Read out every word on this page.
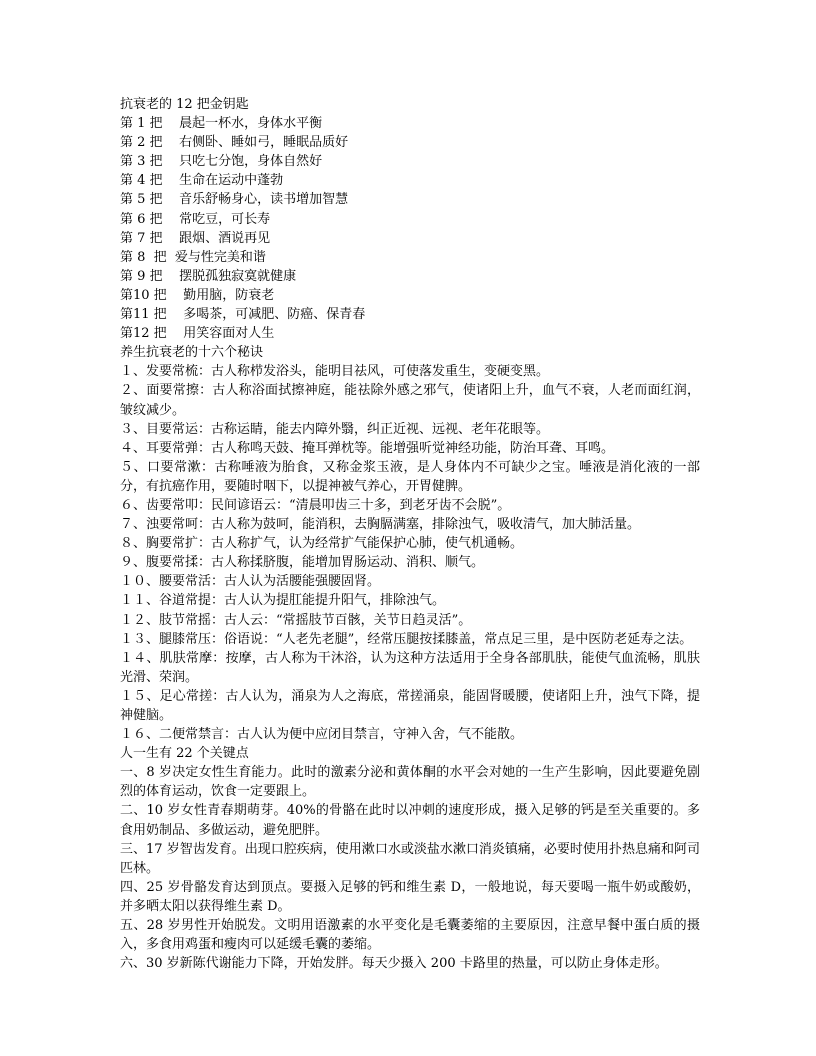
抗衰老的 12 把金钥匙
第 1 把    晨起一杯水，身体水平衡
第 2 把    右侧卧、睡如弓，睡眠品质好
第 3 把    只吃七分饱，身体自然好
第 4 把    生命在运动中蓬勃
第 5 把    音乐舒畅身心，读书增加智慧
第 6 把    常吃豆，可长寿
第 7 把    跟烟、酒说再见
第 8  把  爱与性完美和谐
第 9 把    摆脱孤独寂寞就健康
第10 把    勤用脑，防衰老
第11 把    多喝茶，可减肥、防癌、保青春
第12 把    用笑容面对人生
养生抗衰老的十六个秘诀
１、发要常梳：古人称栉发浴头，能明目祛风，可使落发重生，变硬变黑。
２、面要常擦：古人称浴面拭擦神庭，能祛除外感之邪气，使诸阳上升，血气不衰，人老而面红润，皱纹减少。
３、目要常运：古称运睛，能去内障外翳，纠正近视、远视、老年花眼等。
４、耳要常弹：古人称鸣天鼓、掩耳弹枕等。能增强听觉神经功能，防治耳聋、耳鸣。
５、口要常漱：古称唾液为胎食，又称金浆玉液，是人身体内不可缺少之宝。唾液是消化液的一部分，有抗癌作用，要随时咽下，以提神被气养心，开胃健脾。
６、齿要常叩：民间谚语云：“清晨叩齿三十多，到老牙齿不会脱”。
７、浊要常呵：古人称为鼓呵，能消积，去胸膈满塞，排除浊气，吸收清气，加大肺活量。
８、胸要常扩：古人称扩气，认为经常扩气能保护心肺，使气机通畅。
９、腹要常揉：古人称揉脐腹，能增加胃肠运动、消积、顺气。
１０、腰要常活：古人认为活腰能强腰固肾。
１１、谷道常提：古人认为提肛能提升阳气，排除浊气。
１２、肢节常摇：古人云：“常摇肢节百骸，关节日趋灵活”。
１３、腿膝常压：俗语说：“人老先老腿”，经常压腿按揉膝盖，常点足三里，是中医防老延寿之法。
１４、肌肤常摩：按摩，古人称为干沐浴，认为这种方法适用于全身各部肌肤，能使气血流畅，肌肤光滑、荣润。
１５、足心常搓：古人认为，涌泉为人之海底，常搓涌泉，能固肾暖腰，使诸阳上升，浊气下降，提神健脑。
１６、二便常禁言：古人认为便中应闭目禁言，守神入舍，气不能散。
人一生有 22 个关键点
一、8 岁决定女性生育能力。此时的激素分泌和黄体酮的水平会对她的一生产生影响，因此要避免剧烈的体育运动，饮食一定要跟上。
二、10 岁女性青春期萌芽。40%的骨骼在此时以冲刺的速度形成，摄入足够的钙是至关重要的。多食用奶制品、多做运动，避免肥胖。
三、17 岁智齿发育。出现口腔疾病，使用漱口水或淡盐水漱口消炎镇痛，必要时使用扑热息痛和阿司匹林。
四、25 岁骨骼发育达到顶点。要摄入足够的钙和维生素 D，一般地说，每天要喝一瓶牛奶或酸奶，并多晒太阳以获得维生素 D。
五、28 岁男性开始脱发。文明用语激素的水平变化是毛囊萎缩的主要原因，注意早餐中蛋白质的摄入，多食用鸡蛋和瘦肉可以延缓毛囊的萎缩。
六、30 岁新陈代谢能力下降，开始发胖。每天少摄入 200 卡路里的热量，可以防止身体走形。
